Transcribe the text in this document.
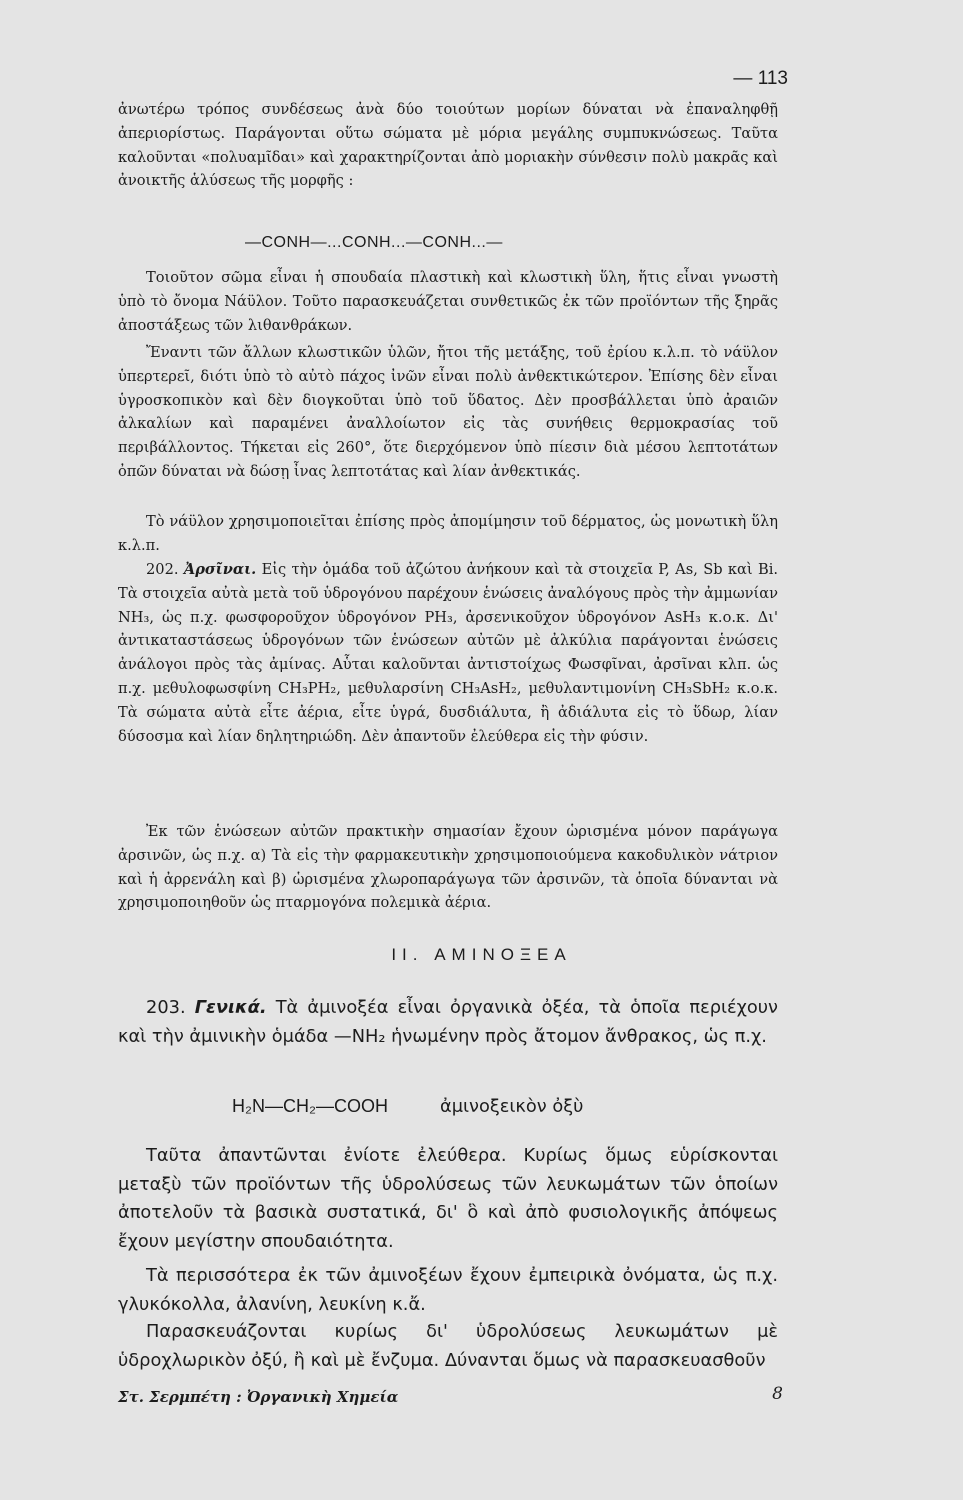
— 113

ἀνωτέρω τρόπος συνδέσεως ἀνὰ δύο τοιούτων μορίων δύναται νὰ ἐπαναληφθῇ ἀπεριορίστως. Παράγονται οὕτω σώματα μὲ μόρια μεγάλης συμπυκνώσεως. Ταῦτα καλοῦνται «πολυαμῖδαι» καὶ χαρακτηρίζονται ἀπὸ μοριακὴν σύνθεσιν πολὺ μακρᾶς καὶ ἀνοικτῆς ἁλύσεως τῆς μορφῆς :

—CONH—...CONH...—CONH...—

Τοιοῦτον σῶμα εἶναι ἡ σπουδαία πλαστικὴ καὶ κλωστικὴ ὕλη, ἥτις εἶναι γνωστὴ ὑπὸ τὸ ὄνομα Νάϋλον. Τοῦτο παρασκευάζεται συνθετικῶς ἐκ τῶν προϊόντων τῆς ξηρᾶς ἀποστάξεως τῶν λιθανθράκων.

Ἔναντι τῶν ἄλλων κλωστικῶν ὑλῶν, ἤτοι τῆς μετάξης, τοῦ ἐρίου κ.λ.π. τὸ νάϋλον ὑπερτερεῖ, διότι ὑπὸ τὸ αὐτὸ πάχος ἰνῶν εἶναι πολὺ ἀνθεκτικώτερον. Ἐπίσης δὲν εἶναι ὑγροσκοπικὸν καὶ δὲν διογκοῦται ὑπὸ τοῦ ὕδατος. Δὲν προσβάλλεται ὑπὸ ἀραιῶν ἀλκαλίων καὶ παραμένει ἀναλλοίωτον εἰς τὰς συνήθεις θερμοκρασίας τοῦ περιβάλλοντος. Τήκεται εἰς 260°, ὅτε διερχόμενον ὑπὸ πίεσιν διὰ μέσου λεπτοτάτων ὀπῶν δύναται νὰ δώσῃ ἶνας λεπτοτάτας καὶ λίαν ἀνθεκτικάς.

Τὸ νάϋλον χρησιμοποιεῖται ἐπίσης πρὸς ἀπομίμησιν τοῦ δέρματος, ὡς μονωτικὴ ὕλη κ.λ.π.

202. Ἀρσῖναι. Εἰς τὴν ὁμάδα τοῦ ἀζώτου ἀνήκουν καὶ τὰ στοιχεῖα P, As, Sb καὶ Bi. Τὰ στοιχεῖα αὐτὰ μετὰ τοῦ ὑδρογόνου παρέχουν ἑνώσεις ἀναλόγους πρὸς τὴν ἀμμωνίαν NH₃, ὡς π.χ. φωσφοροῦχον ὑδρογόνον PH₃, ἀρσενικοῦχον ὑδρογόνον AsH₃ κ.ο.κ. Δι' ἀντικαταστάσεως ὑδρογόνων τῶν ἑνώσεων αὐτῶν μὲ ἀλκύλια παράγονται ἑνώσεις ἀνάλογοι πρὸς τὰς ἀμίνας. Αὗται καλοῦνται ἀντιστοίχως Φωσφῖναι, ἀρσῖναι κλπ. ὡς π.χ. μεθυλοφωσφίνη CH₃PH₂, μεθυλαρσίνη CH₃AsH₂, μεθυλαντιμονίνη CH₃SbH₂ κ.ο.κ. Τὰ σώματα αὐτὰ εἶτε ἀέρια, εἶτε ὑγρά, δυσδιάλυτα, ἢ ἀδιάλυτα εἰς τὸ ὕδωρ, λίαν δύσοσμα καὶ λίαν δηλητηριώδη. Δὲν ἀπαντοῦν ἐλεύθερα εἰς τὴν φύσιν.

Ἐκ τῶν ἑνώσεων αὐτῶν πρακτικὴν σημασίαν ἔχουν ὡρισμένα μόνον παράγωγα ἀρσινῶν, ὡς π.χ. α) Τὰ εἰς τὴν φαρμακευτικὴν χρησιμοποιούμενα κακοδυλικὸν νάτριον καὶ ἡ ἀρρενάλη καὶ β) ὡρισμένα χλωροπαράγωγα τῶν ἀρσινῶν, τὰ ὁποῖα δύνανται νὰ χρησιμοποιηθοῦν ὡς πταρμογόνα πολεμικὰ ἀέρια.

II. ΑΜΙΝΟΞΕΑ

203. Γενικά. Τὰ ἀμινοξέα εἶναι ὀργανικὰ ὀξέα, τὰ ὁποῖα περιέχουν καὶ τὴν ἀμινικὴν ὁμάδα —NH₂ ἡνωμένην πρὸς ἄτομον ἄνθρακος, ὡς π.χ.

H₂N—CH₂—COOH	ἀμινοξεικὸν ὀξὺ

Ταῦτα ἀπαντῶνται ἐνίοτε ἐλεύθερα. Κυρίως ὅμως εὑρίσκονται μεταξὺ τῶν προϊόντων τῆς ὑδρολύσεως τῶν λευκωμάτων τῶν ὁποίων ἀποτελοῦν τὰ βασικὰ συστατικά, δι' ὃ καὶ ἀπὸ φυσιολογικῆς ἀπόψεως ἔχουν μεγίστην σπουδαιότητα.

Τὰ περισσότερα ἐκ τῶν ἀμινοξέων ἔχουν ἐμπειρικὰ ὀνόματα, ὡς π.χ. γλυκόκολλα, ἀλανίνη, λευκίνη κ.ἄ.

Παρασκευάζονται κυρίως δι' ὑδρολύσεως λευκωμάτων μὲ ὑδροχλωρικὸν ὀξύ, ἢ καὶ μὲ ἔνζυμα. Δύνανται ὅμως νὰ παρασκευασθοῦν

Στ. Σερμπέτη : Ὀργανικὴ Χημεία	8
